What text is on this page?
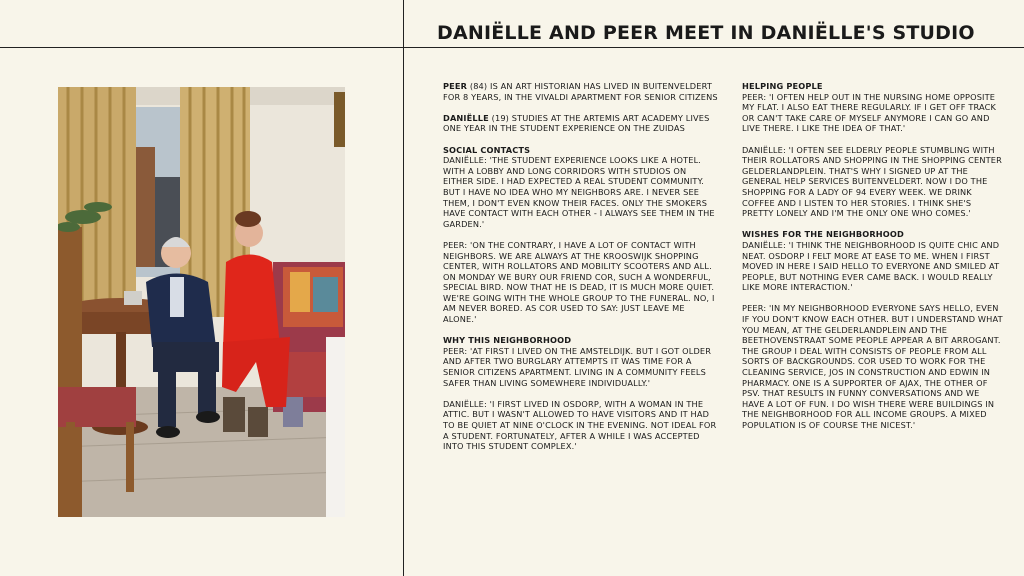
DANIËLLE AND PEER MEET IN DANIËLLE'S STUDIO

PEER (84) IS AN ART HISTORIAN HAS LIVED IN BUITENVELDERT FOR 8 YEARS, IN THE VIVALDI APARTMENT FOR SENIOR CITIZENS

DANIËLLE (19) STUDIES AT THE ARTEMIS ART ACADEMY LIVES ONE YEAR IN THE STUDENT EXPERIENCE ON THE ZUIDAS

SOCIAL CONTACTS

DANIËLLE: 'THE STUDENT EXPERIENCE LOOKS LIKE A HOTEL. WITH A LOBBY AND LONG CORRIDORS WITH STUDIOS ON EITHER SIDE. I HAD EXPECTED A REAL STUDENT COMMUNITY. BUT I HAVE NO IDEA WHO MY NEIGHBORS ARE. I NEVER SEE THEM, I DON'T EVEN KNOW THEIR FACES. ONLY THE SMOKERS HAVE CONTACT WITH EACH OTHER - I ALWAYS SEE THEM IN THE GARDEN.'

PEER: 'ON THE CONTRARY, I HAVE A LOT OF CONTACT WITH NEIGHBORS. WE ARE ALWAYS AT THE KROOSWIJK SHOPPING CENTER, WITH ROLLATORS AND MOBILITY SCOOTERS AND ALL. ON MONDAY WE BURY OUR FRIEND COR, SUCH A WONDERFUL, SPECIAL BIRD. NOW THAT HE IS DEAD, IT IS MUCH MORE QUIET. WE'RE GOING WITH THE WHOLE GROUP TO THE FUNERAL. NO, I AM NEVER BORED. AS COR USED TO SAY: JUST LEAVE ME ALONE.'

WHY THIS NEIGHBORHOOD

PEER: 'AT FIRST I LIVED ON THE AMSTELDIJK. BUT I GOT OLDER AND AFTER TWO BURGLARY ATTEMPTS IT WAS TIME FOR A SENIOR CITIZENS APARTMENT. LIVING IN A COMMUNITY FEELS SAFER THAN LIVING SOMEWHERE INDIVIDUALLY.'

DANIËLLE: 'I FIRST LIVED IN OSDORP, WITH A WOMAN IN THE ATTIC. BUT I WASN'T ALLOWED TO HAVE VISITORS AND IT HAD TO BE QUIET AT NINE O'CLOCK IN THE EVENING. NOT IDEAL FOR A STUDENT. FORTUNATELY, AFTER A WHILE I WAS ACCEPTED INTO THIS STUDENT COMPLEX.'

HELPING PEOPLE

PEER: 'I OFTEN HELP OUT IN THE NURSING HOME OPPOSITE MY FLAT. I ALSO EAT THERE REGULARLY. IF I GET OFF TRACK OR CAN'T TAKE CARE OF MYSELF ANYMORE I CAN GO AND LIVE THERE. I LIKE THE IDEA OF THAT.'

DANIËLLE: 'I OFTEN SEE ELDERLY PEOPLE STUMBLING WITH THEIR ROLLATORS AND SHOPPING IN THE SHOPPING CENTER GELDERLANDPLEIN. THAT'S WHY I SIGNED UP AT THE GENERAL HELP SERVICES BUITENVELDERT. NOW I DO THE SHOPPING FOR A LADY OF 94 EVERY WEEK. WE DRINK COFFEE AND I LISTEN TO HER STORIES. I THINK SHE'S PRETTY LONELY AND I'M THE ONLY ONE WHO COMES.'

WISHES FOR THE NEIGHBORHOOD

DANIËLLE: 'I THINK THE NEIGHBORHOOD IS QUITE CHIC AND NEAT. OSDORP I FELT MORE AT EASE TO ME. WHEN I FIRST MOVED IN HERE I SAID HELLO TO EVERYONE AND SMILED AT PEOPLE, BUT NOTHING EVER CAME BACK. I WOULD REALLY LIKE MORE INTERACTION.'

PEER: 'IN MY NEIGHBORHOOD EVERYONE SAYS HELLO, EVEN IF YOU DON'T KNOW EACH OTHER. BUT I UNDERSTAND WHAT YOU MEAN, AT THE GELDERLANDPLEIN AND THE BEETHOVENSTRAAT SOME PEOPLE APPEAR A BIT ARROGANT. THE GROUP I DEAL WITH CONSISTS OF PEOPLE FROM ALL SORTS OF BACKGROUNDS. COR USED TO WORK FOR THE CLEANING SERVICE, JOS IN CONSTRUCTION AND EDWIN IN PHARMACY. ONE IS A SUPPORTER OF AJAX, THE OTHER OF PSV. THAT RESULTS IN FUNNY CONVERSATIONS AND WE HAVE A LOT OF FUN. I DO WISH THERE WERE BUILDINGS IN THE NEIGHBORHOOD FOR ALL INCOME GROUPS. A MIXED POPULATION IS OF COURSE THE NICEST.'
